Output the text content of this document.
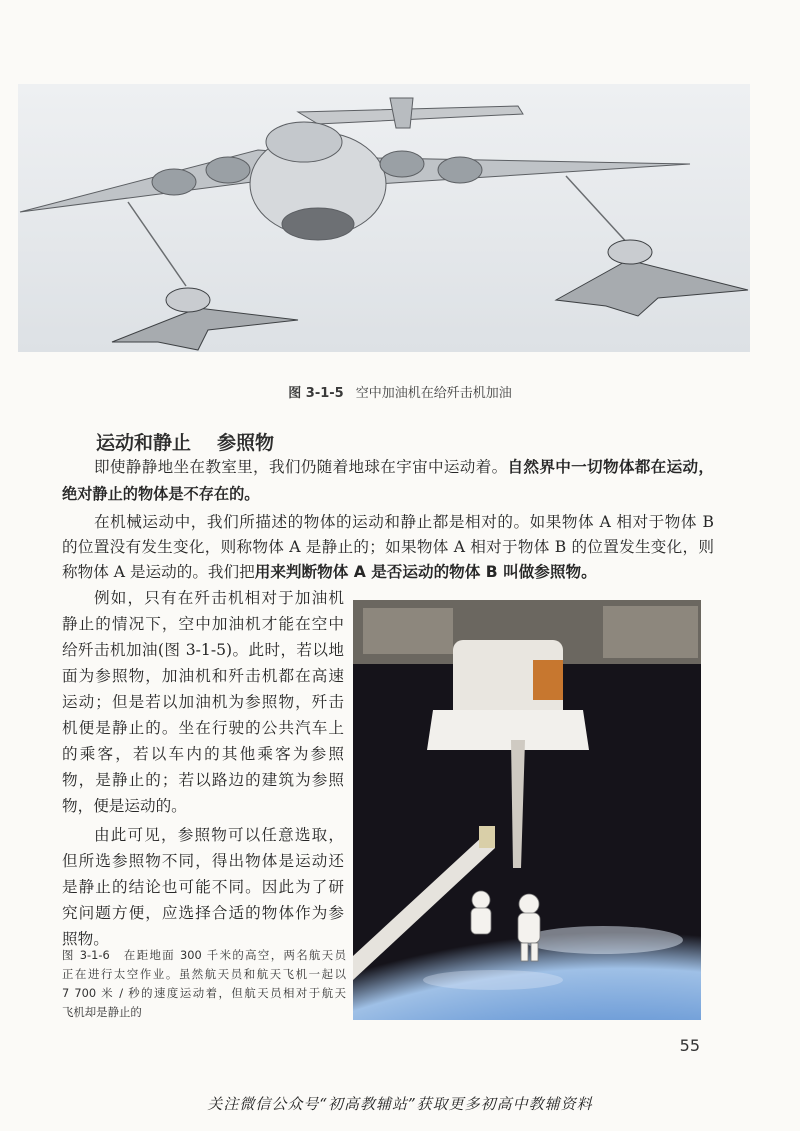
图 3-1-5 空中加油机在给歼击机加油
运动和静止 参照物
即使静静地坐在教室里，我们仍随着地球在宇宙中运动着。自然界中一切物体都在运动，
绝对静止的物体是不存在的。
在机械运动中，我们所描述的物体的运动和静止都是相对的。如果物体 A 相对于物体 B
的位置没有发生变化，则称物体 A 是静止的；如果物体 A 相对于物体 B 的位置发生变化，则
称物体 A 是运动的。我们把用来判断物体 A 是否运动的物体 B 叫做参照物。
例如，只有在歼击机相对于加油机
静止的情况下，空中加油机才能在空中
给歼击机加油(图 3-1-5)。此时，若以地
面为参照物，加油机和歼击机都在高速
运动；但是若以加油机为参照物，歼击
机便是静止的。坐在行驶的公共汽车上
的乘客，若以车内的其他乘客为参照
物，是静止的；若以路边的建筑为参照
物，便是运动的。
由此可见，参照物可以任意选取，
但所选参照物不同，得出物体是运动还
是静止的结论也可能不同。因此为了研
究问题方便，应选择合适的物体作为参
照物。
图 3-1-6　 在距地面 300 千米的高空，两名航天员
正在进行太空作业。虽然航天员和航天飞机一起以
7 700 米 / 秒的速度运动着，但航天员相对于航天
飞机却是静止的
55
关注微信公众号“初高教辅站”获取更多初高中教辅资料
